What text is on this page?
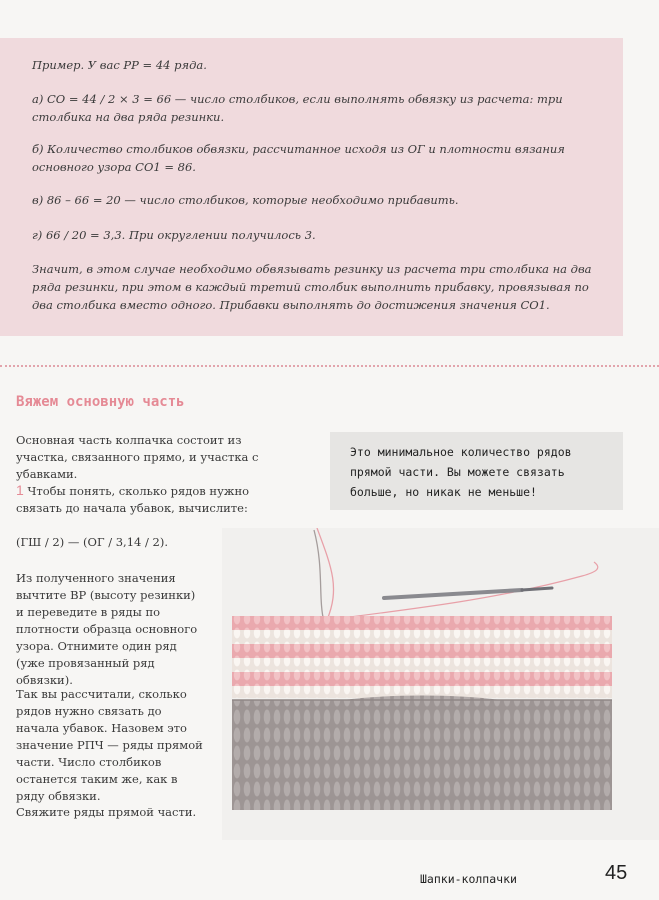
Пример. У вас РР = 44 ряда.

а) СО = 44 / 2 × 3 = 66 — число столбиков, если выполнять обвязку из расчета: три столбика на два ряда резинки.

б) Количество столбиков обвязки, рассчитанное исходя из ОГ и плотности вязания основного узора СО1 = 86.

в) 86 – 66 = 20 — число столбиков, которые необходимо прибавить.

г) 66 / 20 = 3,3. При округлении получилось 3.

Значит, в этом случае необходимо обвязывать резинку из расчета три столбика на два ряда резинки, при этом в каждый третий столбик выполнить прибавку, провязывая по два столбика вместо одного. Прибавки выполнять до достижения значения СО1.

Вяжем основную часть

Основная часть колпачка состоит из участка, связанного прямо, и участка с убавками.

1 Чтобы понять, сколько рядов нужно связать до начала убавок, вычислите:

(ГШ / 2) — (ОГ / 3,14 / 2).

Из полученного значения вычтите ВР (высоту резинки) и переведите в ряды по плотности образца основного узора. Отнимите один ряд (уже провязанный ряд обвязки).

Так вы рассчитали, сколько рядов нужно связать до начала убавок. Назовем это значение РПЧ — ряды прямой части. Число столбиков останется таким же, как в ряду обвязки.

Свяжите ряды прямой части.

Это минимальное количество рядов прямой части. Вы можете связать больше, но никак не меньше!

Шапки-колпачки	45
